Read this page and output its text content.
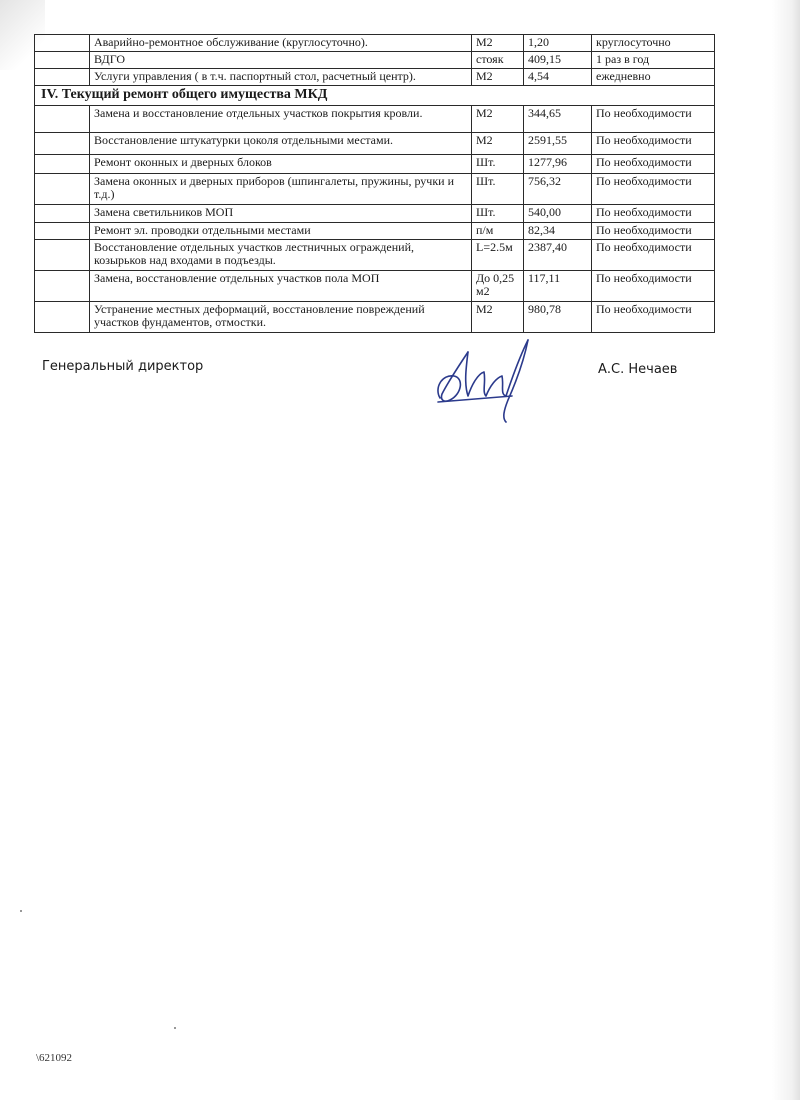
	Аварийно-ремонтное обслуживание (круглосуточно).	М2	1,20	круглосуточно
	ВДГО	стояк	409,15	1 раз в год
	Услуги управления ( в т.ч. паспортный стол, расчетный центр).	М2	4,54	ежедневно
IV. Текущий ремонт общего имущества МКД				
	Замена и восстановление отдельных участков покрытия кровли.	М2	344,65	По необходимости
	Восстановление штукатурки цоколя отдельными местами.	М2	2591,55	По необходимости
	Ремонт оконных и дверных блоков	Шт.	1277,96	По необходимости
	Замена оконных и дверных приборов (шпингалеты, пружины, ручки и т.д.)	Шт.	756,32	По необходимости
	Замена светильников МОП	Шт.	540,00	По необходимости
	Ремонт эл. проводки отдельными местами	п/м	82,34	По необходимости
	Восстановление отдельных участков лестничных ограждений, козырьков над входами в подъезды.	L=2.5м	2387,40	По необходимости
	Замена, восстановление отдельных участков пола МОП	До 0,25 м2	117,11	По необходимости
	Устранение местных деформаций, восстановление повреждений участков фундаментов, отмостки.	М2	980,78	По необходимости
Генеральный директор	А.С. Нечаев
\621092
